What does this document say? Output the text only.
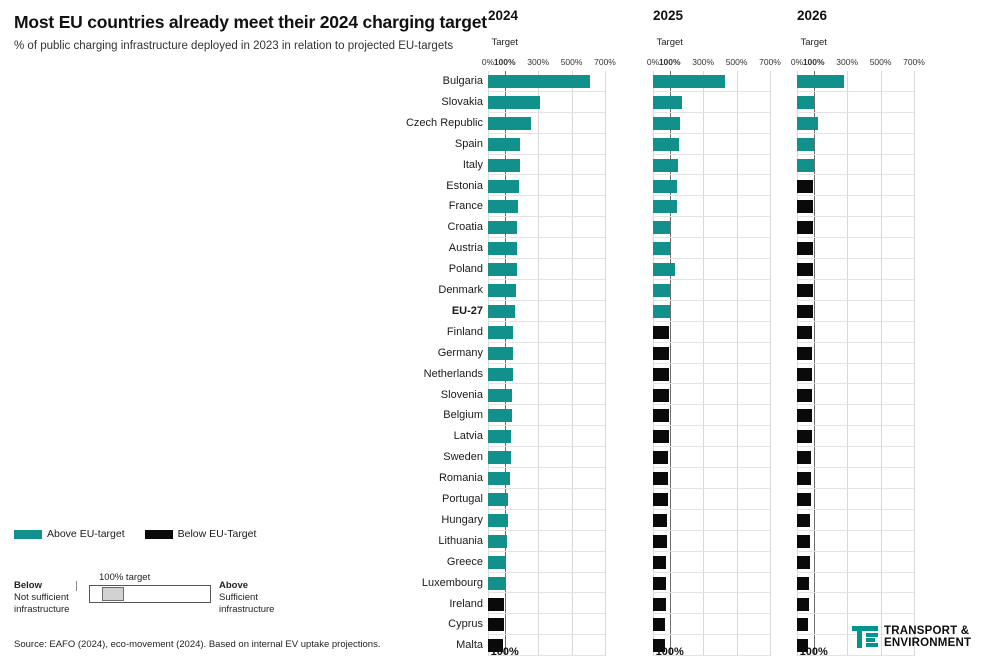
Most EU countries already meet their 2024 charging target
% of public charging infrastructure deployed in 2023 in relation to projected EU-targets
Bulgaria
Slovakia
Czech Republic
Spain
Italy
Estonia
France
Croatia
Austria
Poland
Denmark
EU-27
Finland
Germany
Netherlands
Slovenia
Belgium
Latvia
Sweden
Romania
Portugal
Hungary
Lithuania
Greece
Luxembourg
Ireland
Cyprus
Malta
2024
Target
0% 100% 300% 500% 700%
100%
2025
Target
0% 100% 300% 500% 700%
100%
2026
Target
0% 100% 300% 500% 700%
100%
Above EU-target	Below EU-Target
100% target
Below
Not sufficient infrastructure
Above
Sufficient infrastructure
Source: EAFO (2024), eco-movement (2024). Based on internal EV uptake projections.
TRANSPORT &
ENVIRONMENT
